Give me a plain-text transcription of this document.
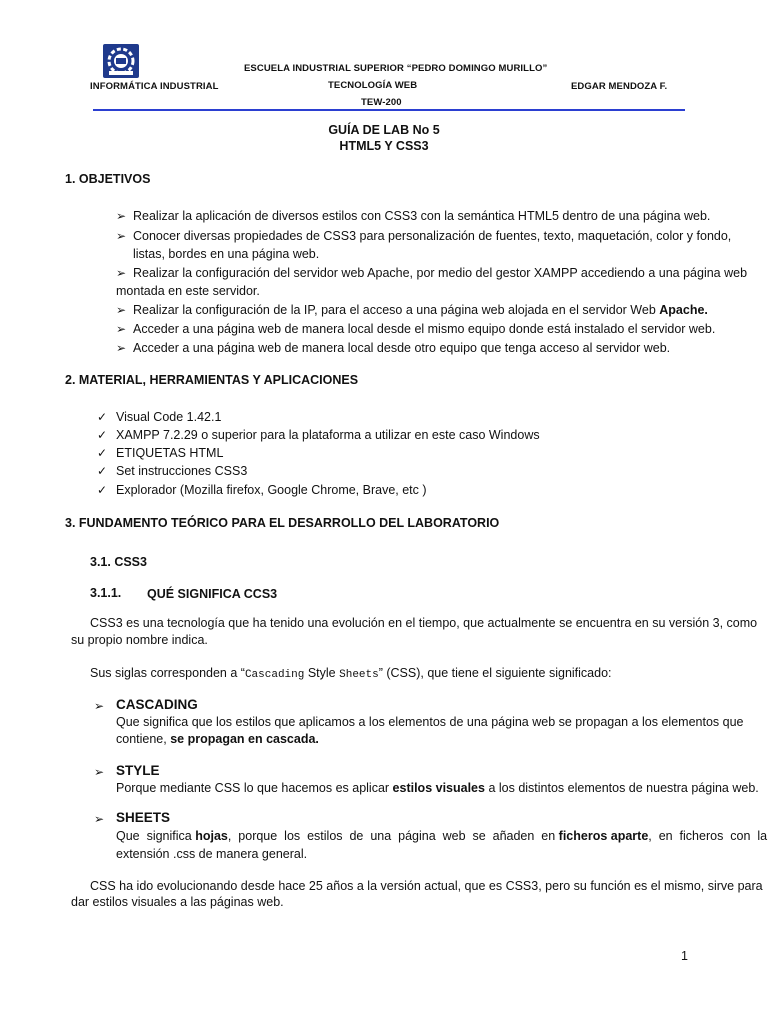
ESCUELA INDUSTRIAL SUPERIOR “PEDRO DOMINGO MURILLO”
INFORMÁTICA INDUSTRIAL	TECNOLOGÍA WEB	EDGAR MENDOZA F.
TEW-200
GUÍA DE LAB No 5
HTML5 Y CSS3
1. OBJETIVOS
➢ Realizar la aplicación de diversos estilos con CSS3 con la semántica HTML5 dentro de una página web.
➢ Conocer diversas propiedades de CSS3 para personalización de fuentes, texto, maquetación, color y fondo,
listas, bordes en una página web.
➢ Realizar la configuración del servidor web Apache, por medio del gestor XAMPP accediendo a una página web
montada en este servidor.
➢ Realizar la configuración de la IP, para el acceso a una página web alojada en el servidor Web Apache.
➢ Acceder a una página web de manera local desde el mismo equipo donde está instalado el servidor web.
➢ Acceder a una página web de manera local desde otro equipo que tenga acceso al servidor web.
2. MATERIAL, HERRAMIENTAS Y APLICACIONES
✓ Visual Code 1.42.1
✓ XAMPP 7.2.29 o superior para la plataforma a utilizar en este caso Windows
✓ ETIQUETAS HTML
✓ Set instrucciones CSS3
✓ Explorador (Mozilla firefox, Google Chrome, Brave, etc )
3. FUNDAMENTO TEÓRICO PARA EL DESARROLLO DEL LABORATORIO
3.1. CSS3
3.1.1. QUÉ SIGNIFICA CCS3
CSS3 es una tecnología que ha tenido una evolución en el tiempo, que actualmente se encuentra en su versión 3, como
su propio nombre indica.
Sus siglas corresponden a “Cascading Style Sheets” (CSS), que tiene el siguiente significado:
➢ CASCADING
Que significa que los estilos que aplicamos a los elementos de una página web se propagan a los elementos que
contiene, se propagan en cascada.
➢ STYLE
Porque mediante CSS lo que hacemos es aplicar estilos visuales a los distintos elementos de nuestra página web.
➢ SHEETS
Que  significa hojas,  porque  los  estilos  de  una  página  web  se  añaden  en ficheros aparte,  en  ficheros  con  la
extensión .css de manera general.
CSS ha ido evolucionando desde hace 25 años a la versión actual, que es CSS3, pero su función es el mismo, sirve para
dar estilos visuales a las páginas web.
1
